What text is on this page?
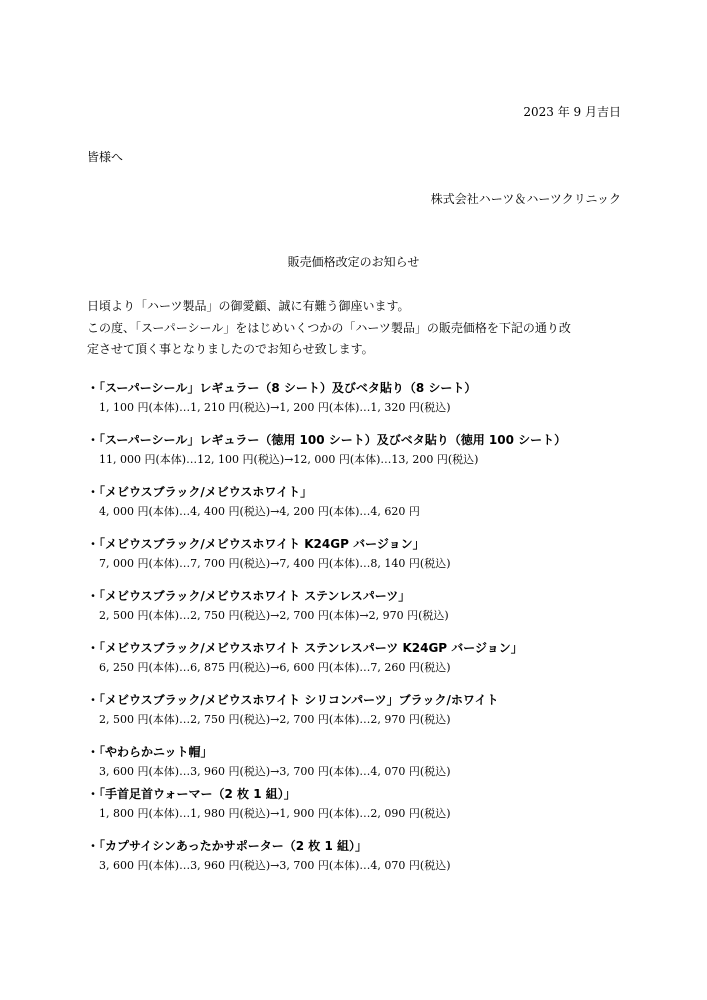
2023 年 9 月吉日
皆様へ
株式会社ハーツ＆ハーツクリニック
販売価格改定のお知らせ

日頃より「ハーツ製品」の御愛顧、誠に有難う御座います。

この度、「スーパーシール」をはじめいくつかの「ハーツ製品」の販売価格を下記の通り改

定させて頂く事となりましたのでお知らせ致します。

・「スーパーシール」レギュラー（8 シート）及びベタ貼り（8 シート）
1, 100 円(本体)…1, 210 円(税込)→1, 200 円(本体)…1, 320 円(税込)
・「スーパーシール」レギュラー（徳用 100 シート）及びベタ貼り（徳用 100 シート）
11, 000 円(本体)…12, 100 円(税込)→12, 000 円(本体)…13, 200 円(税込)
・「メビウスブラック/メビウスホワイト」
4, 000 円(本体)…4, 400 円(税込)→4, 200 円(本体)…4, 620 円
・「メビウスブラック/メビウスホワイト K24GP バージョン」
7, 000 円(本体)…7, 700 円(税込)→7, 400 円(本体)…8, 140 円(税込)
・「メビウスブラック/メビウスホワイト ステンレスパーツ」
2, 500 円(本体)…2, 750 円(税込)→2, 700 円(本体)→2, 970 円(税込)
・「メビウスブラック/メビウスホワイト ステンレスパーツ K24GP バージョン」
6, 250 円(本体)…6, 875 円(税込)→6, 600 円(本体)…7, 260 円(税込)
・「メビウスブラック/メビウスホワイト シリコンパーツ」ブラック/ホワイト
2, 500 円(本体)…2, 750 円(税込)→2, 700 円(本体)…2, 970 円(税込)
・「やわらかニット帽」
3, 600 円(本体)…3, 960 円(税込)→3, 700 円(本体)…4, 070 円(税込)
・「手首足首ウォーマー（2 枚 1 組）」
1, 800 円(本体)…1, 980 円(税込)→1, 900 円(本体)…2, 090 円(税込)
・「カプサイシンあったかサポーター（2 枚 1 組）」
3, 600 円(本体)…3, 960 円(税込)→3, 700 円(本体)…4, 070 円(税込)
